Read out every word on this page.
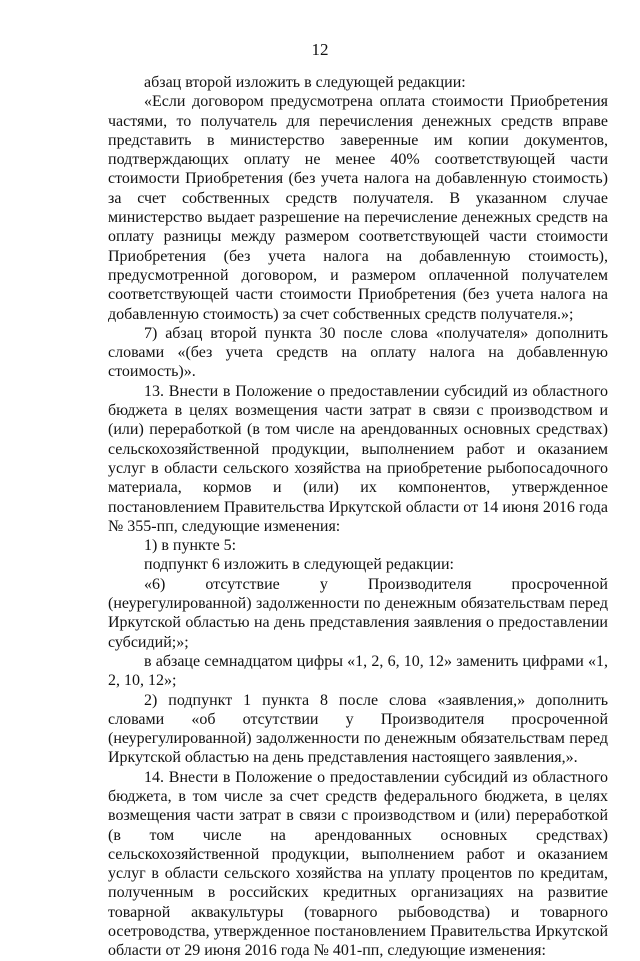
12

абзац второй изложить в следующей редакции:

«Если договором предусмотрена оплата стоимости Приобретения частями, то получатель для перечисления денежных средств вправе представить в министерство заверенные им копии документов, подтверждающих оплату не менее 40% соответствующей части стоимости Приобретения (без учета налога на добавленную стоимость) за счет собственных средств получателя. В указанном случае министерство выдает разрешение на перечисление денежных средств на оплату разницы между размером соответствующей части стоимости Приобретения (без учета налога на добавленную стоимость), предусмотренной договором, и размером оплаченной получателем соответствующей части стоимости Приобретения (без учета налога на добавленную стоимость) за счет собственных средств получателя.»;

7) абзац второй пункта 30 после слова «получателя» дополнить словами «(без учета средств на оплату налога на добавленную стоимость)».

13. Внести в Положение о предоставлении субсидий из областного бюджета в целях возмещения части затрат в связи с производством и (или) переработкой (в том числе на арендованных основных средствах) сельскохозяйственной продукции, выполнением работ и оказанием услуг в области сельского хозяйства на приобретение рыбопосадочного материала, кормов и (или) их компонентов, утвержденное постановлением Правительства Иркутской области от 14 июня 2016 года № 355-пп, следующие изменения:

1) в пункте 5:

подпункт 6 изложить в следующей редакции:

«6) отсутствие у Производителя просроченной (неурегулированной) задолженности по денежным обязательствам перед Иркутской областью на день представления заявления о предоставлении субсидий;»;

в абзаце семнадцатом цифры «1, 2, 6, 10, 12» заменить цифрами «1, 2, 10, 12»;

2) подпункт 1 пункта 8 после слова «заявления,» дополнить словами «об отсутствии у Производителя просроченной (неурегулированной) задолженности по денежным обязательствам перед Иркутской областью на день представления настоящего заявления,».

14. Внести в Положение о предоставлении субсидий из областного бюджета, в том числе за счет средств федерального бюджета, в целях возмещения части затрат в связи с производством и (или) переработкой (в том числе на арендованных основных средствах) сельскохозяйственной продукции, выполнением работ и оказанием услуг в области сельского хозяйства на уплату процентов по кредитам, полученным в российских кредитных организациях на развитие товарной аквакультуры (товарного рыбоводства) и товарного осетроводства, утвержденное постановлением Правительства Иркутской области от 29 июня 2016 года № 401-пп, следующие изменения:
